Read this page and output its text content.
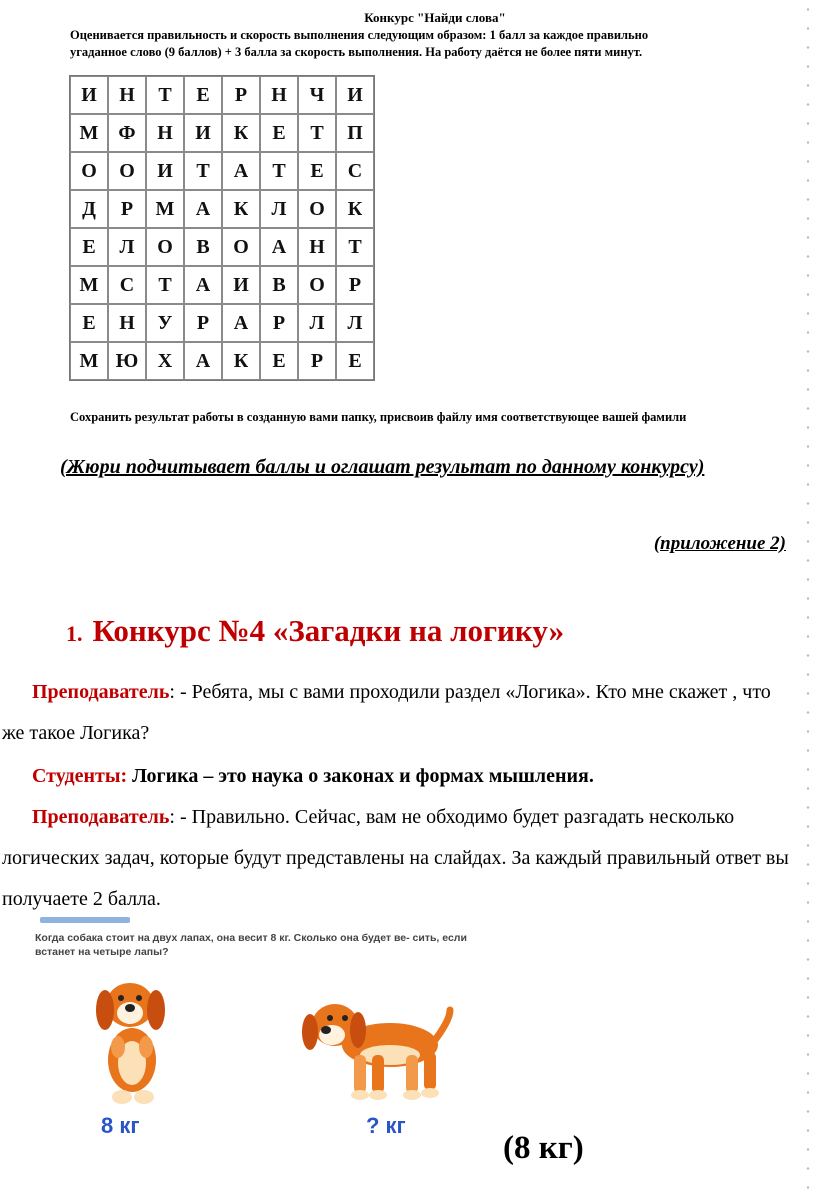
Конкурс "Найди слова"
Оценивается правильность и скорость выполнения следующим образом: 1 балл за каждое правильно
угаданное слово (9 баллов) + 3 балла за скорость выполнения. На работу даётся не более пяти минут.
И	Н	Т	Е	Р	Н	Ч	И
М Ф	Н	И	К	Е	Т	П
О	О	И	Т	А	Т	Е	С
Д	Р	М	А	К	Л	О	К
Е	Л	О	В	О	А	Н	Т
М	С	Т	А	И	В	О	Р
Е	Н	У	Р	А	Р	Л	Л
М Ю Х	А	К	Е	Р	Е
Сохранить результат работы в созданную вами папку, присвоив файлу имя соответствующее вашей фамили
(Жюри подчитывает баллы и оглашат результат по данному конкурсу)
(приложение 2)
1. Конкурс №4 «Загадки на логику»
Преподаватель: - Ребята, мы с вами проходили раздел «Логика». Кто мне скажет , что же такое Логика?
Студенты: Логика – это наука о законах и формах мышления.
Преподаватель: - Правильно. Сейчас, вам не обходимо будет разгадать несколько логических задач, которые будут представлены на слайдах. За каждый правильный ответ вы получаете 2 балла.
Когда собака стоит на двух лапах, она весит 8 кг. Сколько она будет ве- сить, если встанет на четыре лапы?
8 кг	? кг
(8 кг)
